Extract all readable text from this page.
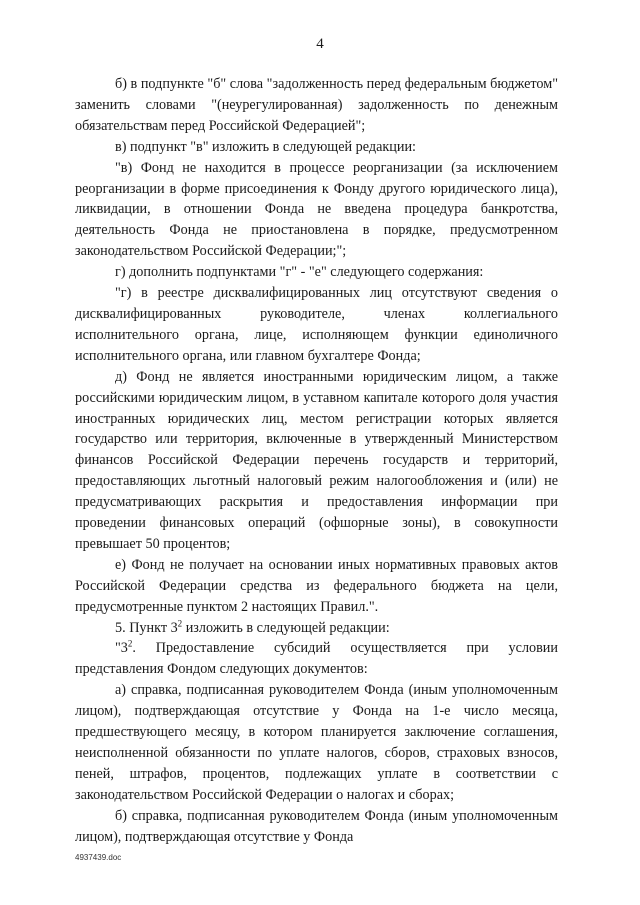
4

б) в подпункте "б" слова "задолженность перед федеральным бюджетом" заменить словами "(неурегулированная) задолженность по денежным обязательствам перед Российской Федерацией";

в) подпункт "в" изложить в следующей редакции:

"в) Фонд не находится в процессе реорганизации (за исключением реорганизации в форме присоединения к Фонду другого юридического лица), ликвидации, в отношении Фонда не введена процедура банкротства, деятельность Фонда не приостановлена в порядке, предусмотренном законодательством Российской Федерации;";

г) дополнить подпунктами "г" - "е" следующего содержания:

"г) в реестре дисквалифицированных лиц отсутствуют сведения о дисквалифицированных руководителе, членах коллегиального исполнительного органа, лице, исполняющем функции единоличного исполнительного органа, или главном бухгалтере Фонда;

д) Фонд не является иностранными юридическим лицом, а также российскими юридическим лицом, в уставном капитале которого доля участия иностранных юридических лиц, местом регистрации которых является государство или территория, включенные в утвержденный Министерством финансов Российской Федерации перечень государств и территорий, предоставляющих льготный налоговый режим налогообложения и (или) не предусматривающих раскрытия и предоставления информации при проведении финансовых операций (офшорные зоны), в совокупности превышает 50 процентов;

е) Фонд не получает на основании иных нормативных правовых актов Российской Федерации средства из федерального бюджета на цели, предусмотренные пунктом 2 настоящих Правил.".

5. Пункт $3^2$ изложить в следующей редакции:

"$3^2$. Предоставление субсидий осуществляется при условии представления Фондом следующих документов:

а) справка, подписанная руководителем Фонда (иным уполномоченным лицом), подтверждающая отсутствие у Фонда на 1-е число месяца, предшествующего месяцу, в котором планируется заключение соглашения, неисполненной обязанности по уплате налогов, сборов, страховых взносов, пеней, штрафов, процентов, подлежащих уплате в соответствии с законодательством Российской Федерации о налогах и сборах;

б) справка, подписанная руководителем Фонда (иным уполномоченным лицом), подтверждающая отсутствие у Фонда

4937439.doc
